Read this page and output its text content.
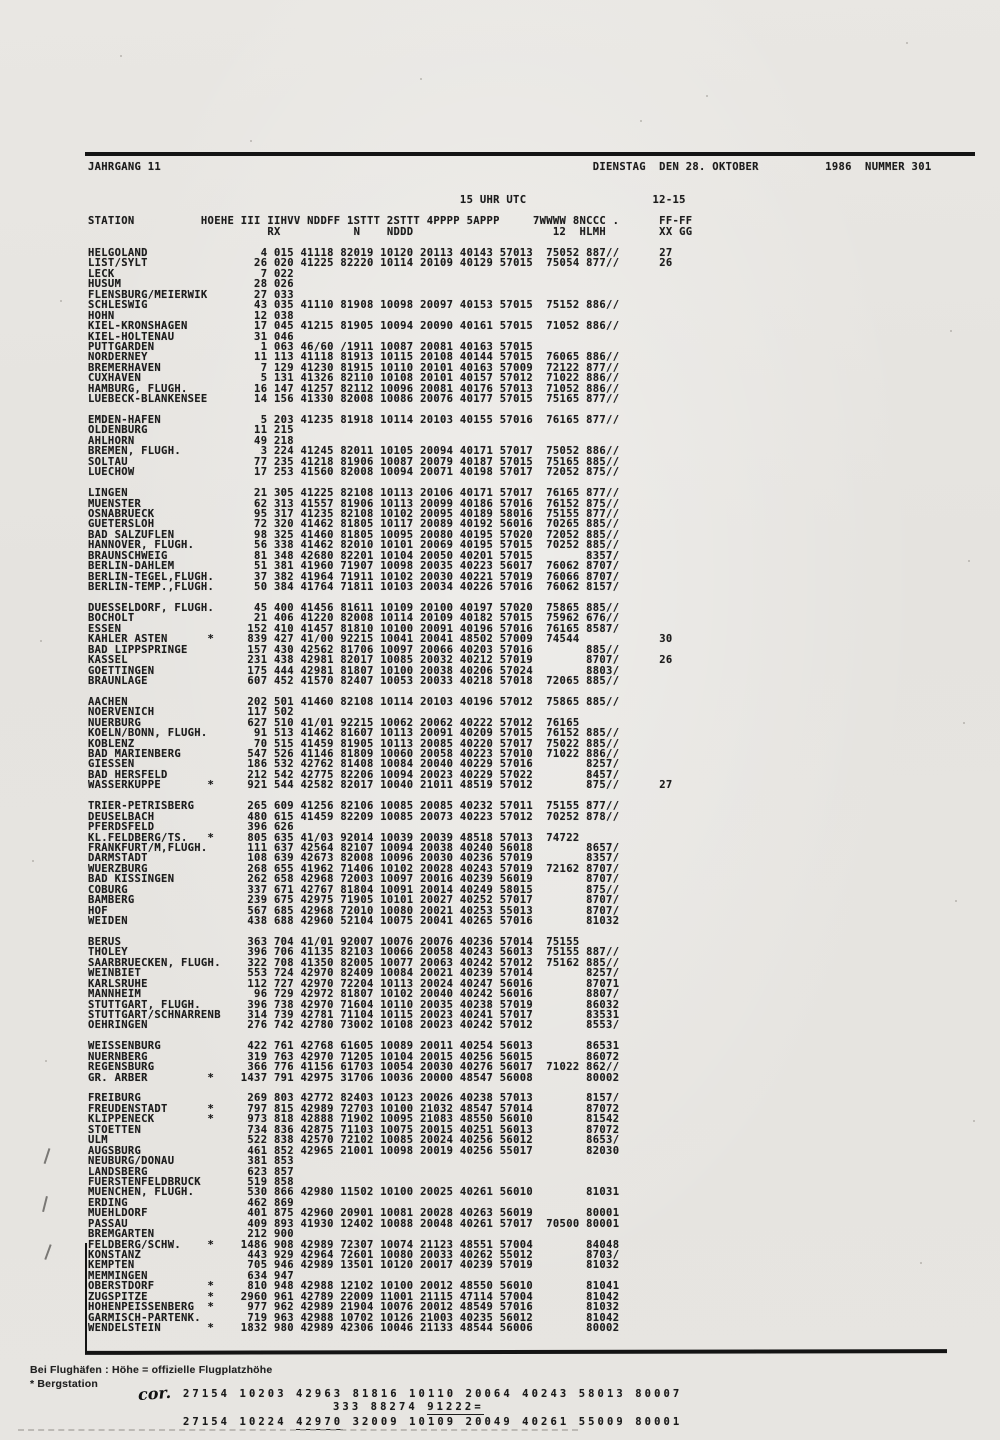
JAHRGANG 11                                                                 DIENSTAG  DEN 28. OKTOBER          1986  NUMMER 301
15 UHR UTC                   12-15
STATION          HOEHE III IIHVV NDDFF 1STTT 2STTT 4PPPP 5APPP     7WWWW 8NCCC .      FF-FF
RX           N    NDDD                     12  HLMH        XX GG
HELGOLAND                 4 015 41118 82019 10120 20113 40143 57013  75052 887//      27
LIST/SYLT                26 020 41225 82220 10114 20109 40129 57015  75054 877//      26
LECK                      7 022
HUSUM                    28 026
FLENSBURG/MEIERWIK       27 033
SCHLESWIG                43 035 41110 81908 10098 20097 40153 57015  75152 886//
HOHN                     12 038
KIEL-KRONSHAGEN          17 045 41215 81905 10094 20090 40161 57015  71052 886//
KIEL-HOLTENAU            31 046
PUTTGARDEN                1 063 46/60 /1911 10087 20081 40163 57015
NORDERNEY                11 113 41118 81913 10115 20108 40144 57015  76065 886//
BREMERHAVEN               7 129 41230 81915 10110 20101 40163 57009  72122 877//
CUXHAVEN                  5 131 41326 82110 10108 20101 40157 57012  71022 886//
HAMBURG, FLUGH.          16 147 41257 82112 10096 20081 40176 57013  71052 886//
LUEBECK-BLANKENSEE       14 156 41330 82008 10086 20076 40177 57015  75165 877//
EMDEN-HAFEN               5 203 41235 81918 10114 20103 40155 57016  76165 877//
OLDENBURG                11 215
AHLHORN                  49 218
BREMEN, FLUGH.            3 224 41245 82011 10105 20094 40171 57017  75052 886//
SOLTAU                   77 235 41218 81906 10087 20079 40187 57015  75165 885//
LUECHOW                  17 253 41560 82008 10094 20071 40198 57017  72052 875//
LINGEN                   21 305 41225 82108 10113 20106 40171 57017  76165 877//
MUENSTER                 62 313 41557 81906 10113 20099 40186 57016  76152 875//
OSNABRUECK               95 317 41235 82108 10102 20095 40189 58016  75155 877//
GUETERSLOH               72 320 41462 81805 10117 20089 40192 56016  70265 885//
BAD SALZUFLEN            98 325 41460 81805 10095 20080 40195 57020  72052 885//
HANNOVER, FLUGH.         56 338 41462 82010 10101 20069 40195 57015  70252 885//
BRAUNSCHWEIG             81 348 42680 82201 10104 20050 40201 57015        8357/
BERLIN-DAHLEM            51 381 41960 71907 10098 20035 40223 56017  76062 8707/
BERLIN-TEGEL,FLUGH.      37 382 41964 71911 10102 20030 40221 57019  76066 8707/
BERLIN-TEMP.,FLUGH.      50 384 41764 71811 10103 20034 40226 57016  76062 8157/
DUESSELDORF, FLUGH.      45 400 41456 81611 10109 20100 40197 57020  75865 885//
BOCHOLT                  21 406 41220 82008 10114 20109 40182 57015  75962 676//
ESSEN                   152 410 41457 81810 10100 20091 40196 57016  76165 8587/
KAHLER ASTEN      *     839 427 41/00 92215 10041 20041 48502 57009  74544            30
BAD LIPPSPRINGE         157 430 42562 81706 10097 20066 40203 57016        885//
KASSEL                  231 438 42981 82017 10085 20032 40212 57019        8707/      26
GOETTINGEN              175 444 42981 81807 10100 20038 40206 57024        8803/
BRAUNLAGE               607 452 41570 82407 10053 20033 40218 57018  72065 885//
AACHEN                  202 501 41460 82108 10114 20103 40196 57012  75865 885//
NOERVENICH              117 502
NUERBURG                627 510 41/01 92215 10062 20062 40222 57012  76165
KOELN/BONN, FLUGH.       91 513 41462 81607 10113 20091 40209 57015  76152 885//
KOBLENZ                  70 515 41459 81905 10113 20085 40220 57017  75022 885//
BAD MARIENBERG          547 526 41146 81809 10060 20058 40223 57010  71022 886//
GIESSEN                 186 532 42762 81408 10084 20040 40229 57016        8257/
BAD HERSFELD            212 542 42775 82206 10094 20023 40229 57022        8457/
WASSERKUPPE       *     921 544 42582 82017 10040 21011 48519 57012        875//      27
TRIER-PETRISBERG        265 609 41256 82106 10085 20085 40232 57011  75155 877//
DEUSELBACH              480 615 41459 82209 10085 20073 40223 57012  70252 878//
PFERDSFELD              396 626
KL.FELDBERG/TS.   *     805 635 41/03 92014 10039 20039 48518 57013  74722
FRANKFURT/M,FLUGH.      111 637 42564 82107 10094 20038 40240 56018        8657/
DARMSTADT               108 639 42673 82008 10096 20030 40236 57019        8357/
WUERZBURG               268 655 41962 71406 10102 20028 40243 57019  72162 8707/
BAD KISSINGEN           262 658 42968 72003 10097 20016 40239 56019        8707/
COBURG                  337 671 42767 81804 10091 20014 40249 58015        875//
BAMBERG                 239 675 42975 71905 10101 20027 40252 57017        8707/
HOF                     567 685 42968 72010 10080 20021 40253 55013        8707/
WEIDEN                  438 688 42960 52104 10075 20041 40265 57016        81032
BERUS                   363 704 41/01 92007 10076 20076 40236 57014  75155
THOLEY                  396 706 41135 82103 10066 20058 40243 56013  75155 887//
SAARBRUECKEN, FLUGH.    322 708 41350 82005 10077 20063 40242 57012  75162 885//
WEINBIET                553 724 42970 82409 10084 20021 40239 57014        8257/
KARLSRUHE               112 727 42970 72204 10113 20024 40247 56016        87071
MANNHEIM                 96 729 42972 81807 10102 20040 40242 56016        8807/
STUTTGART, FLUGH.       396 738 42970 71604 10110 20035 40238 57019        86032
STUTTGART/SCHNARRENB    314 739 42781 71104 10115 20023 40241 57017        83531
OEHRINGEN               276 742 42780 73002 10108 20023 40242 57012        8553/
WEISSENBURG             422 761 42768 61605 10089 20011 40254 56013        86531
NUERNBERG               319 763 42970 71205 10104 20015 40256 56015        86072
REGENSBURG              366 776 41156 61703 10054 20030 40276 56017  71022 862//
GR. ARBER         *    1437 791 42975 31706 10036 20000 48547 56008        80002
FREIBURG                269 803 42772 82403 10123 20026 40238 57013        8157/
FREUDENSTADT      *     797 815 42989 72703 10100 21032 48547 57014        87072
KLIPPENECK        *     973 818 42888 71902 10095 21083 48550 56010        81542
STOETTEN                734 836 42875 71103 10075 20015 40251 56013        87072
ULM                     522 838 42570 72102 10085 20024 40256 56012        8653/
AUGSBURG                461 852 42965 21001 10098 20019 40256 55017        82030
NEUBURG/DONAU           381 853
LANDSBERG               623 857
FUERSTENFELDBRUCK       519 858
MUENCHEN, FLUGH.        530 866 42980 11502 10100 20025 40261 56010        81031
ERDING                  462 869
MUEHLDORF               401 875 42960 20901 10081 20028 40263 56019        80001
PASSAU                  409 893 41930 12402 10088 20048 40261 57017  70500 80001
BREMGARTEN              212 900
FELDBERG/SCHW.    *    1486 908 42989 72307 10074 21123 48551 57004        84048
KONSTANZ                443 929 42964 72601 10080 20033 40262 55012        8703/
KEMPTEN                 705 946 42989 13501 10120 20017 40239 57019        81032
MEMMINGEN               634 947
OBERSTDORF        *     810 948 42988 12102 10100 20012 48550 56010        81041
ZUGSPITZE         *    2960 961 42789 22009 11001 21115 47114 57004        81042
HOHENPEISSENBERG  *     977 962 42989 21904 10076 20012 48549 57016        81032
GARMISCH-PARTENK.       719 963 42988 10702 10126 21003 40235 56012        81042
WENDELSTEIN       *    1832 980 42989 42306 10046 21133 48544 56006        80002
Bei Flughäfen : Höhe = offizielle Flugplatzhöhe
* Bergstation cor. 27154 10203 42963 81816 10110 20064 40243 58013 80007
333 88274 91222=
27154 10224 42970 32009 10109 20049 40261 55009 80001
